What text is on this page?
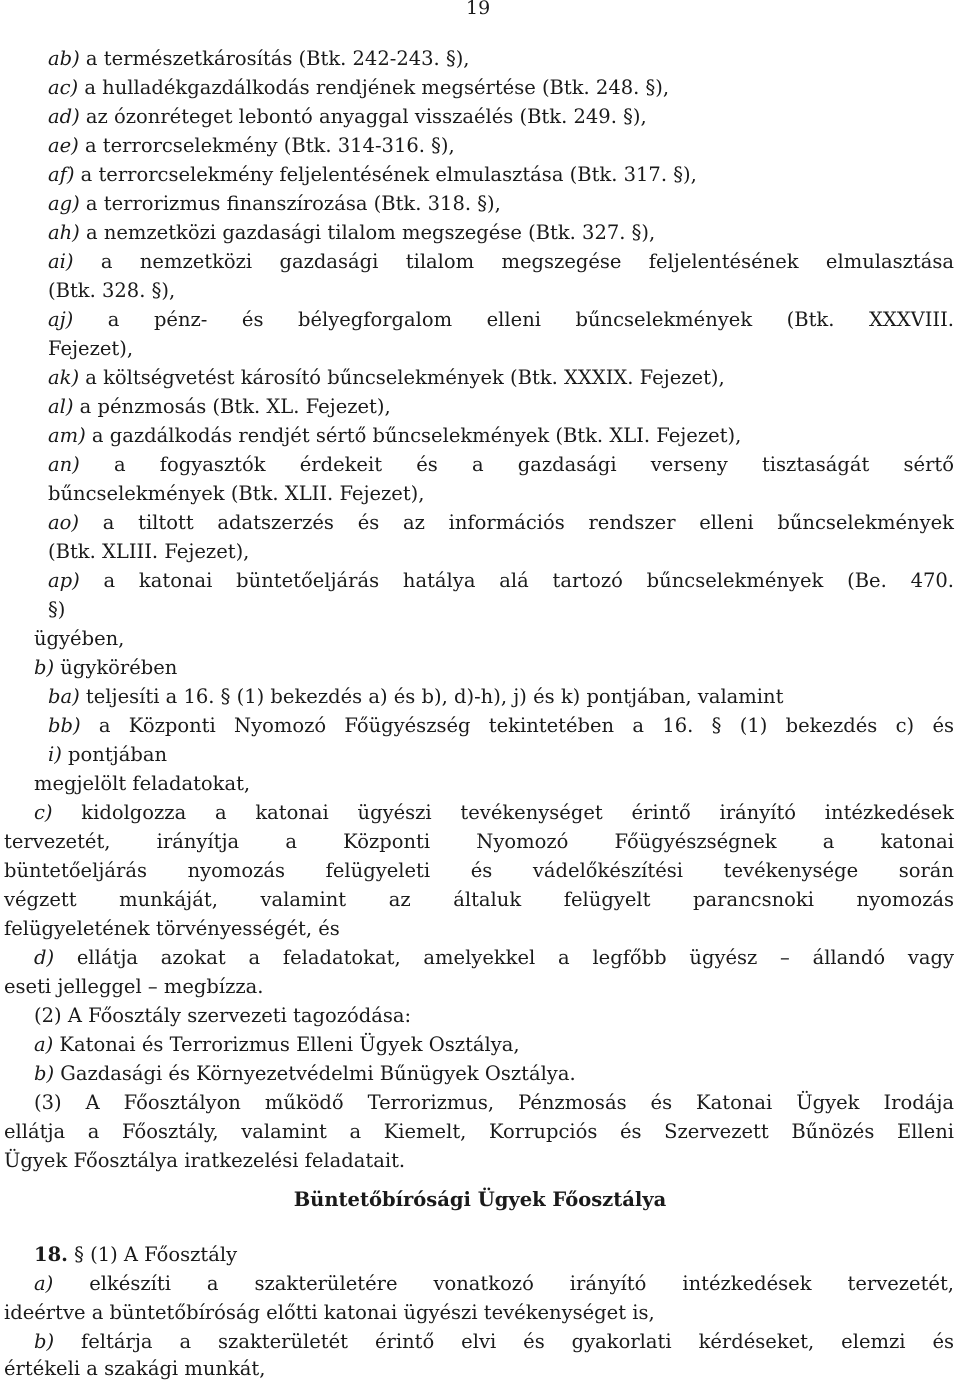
19
ab) a természetkárosítás (Btk. 242-243. §),
ac) a hulladékgazdálkodás rendjének megsértése (Btk. 248. §),
ad) az ózonréteget lebontó anyaggal visszaélés (Btk. 249. §),
ae) a terrorcselekmény (Btk. 314-316. §),
af) a terrorcselekmény feljelentésének elmulasztása (Btk. 317. §),
ag) a terrorizmus finanszírozása (Btk. 318. §),
ah) a nemzetközi gazdasági tilalom megszegése (Btk. 327. §),
ai) a nemzetközi gazdasági tilalom megszegése feljelentésének elmulasztása
(Btk. 328. §),
aj) a pénz- és bélyegforgalom elleni bűncselekmények (Btk. XXXVIII.
Fejezet),
ak) a költségvetést károsító bűncselekmények (Btk. XXXIX. Fejezet),
al) a pénzmosás (Btk. XL. Fejezet),
am) a gazdálkodás rendjét sértő bűncselekmények (Btk. XLI. Fejezet),
an) a fogyasztók érdekeit és a gazdasági verseny tisztaságát sértő
bűncselekmények (Btk. XLII. Fejezet),
ao) a tiltott adatszerzés és az információs rendszer elleni bűncselekmények
(Btk. XLIII. Fejezet),
ap) a katonai büntetőeljárás hatálya alá tartozó bűncselekmények (Be. 470.
§)
ügyében,
b) ügykörében
ba) teljesíti a 16. § (1) bekezdés a) és b), d)-h), j) és k) pontjában, valamint
bb) a Központi Nyomozó Főügyészség tekintetében a 16. § (1) bekezdés c) és
i) pontjában
megjelölt feladatokat,
c) kidolgozza a katonai ügyészi tevékenységet érintő irányító intézkedések
tervezetét, irányítja a Központi Nyomozó Főügyészségnek a katonai
büntetőeljárás nyomozás felügyeleti és vádelőkészítési tevékenysége során
végzett munkáját, valamint az általuk felügyelt parancsnoki nyomozás
felügyeletének törvényességét, és
d) ellátja azokat a feladatokat, amelyekkel a legfőbb ügyész – állandó vagy
eseti jelleggel – megbízza.
(2) A Főosztály szervezeti tagozódása:
a) Katonai és Terrorizmus Elleni Ügyek Osztálya,
b) Gazdasági és Környezetvédelmi Bűnügyek Osztálya.
(3) A Főosztályon működő Terrorizmus, Pénzmosás és Katonai Ügyek Irodája
ellátja a Főosztály, valamint a Kiemelt, Korrupciós és Szervezett Bűnözés Elleni
Ügyek Főosztálya iratkezelési feladatait.
Büntetőbírósági Ügyek Főosztálya
18. § (1) A Főosztály
a) elkészíti a szakterületére vonatkozó irányító intézkedések tervezetét,
ideértve a büntetőbíróság előtti katonai ügyészi tevékenységet is,
b) feltárja a szakterületét érintő elvi és gyakorlati kérdéseket, elemzi és
értékeli a szakági munkát,
